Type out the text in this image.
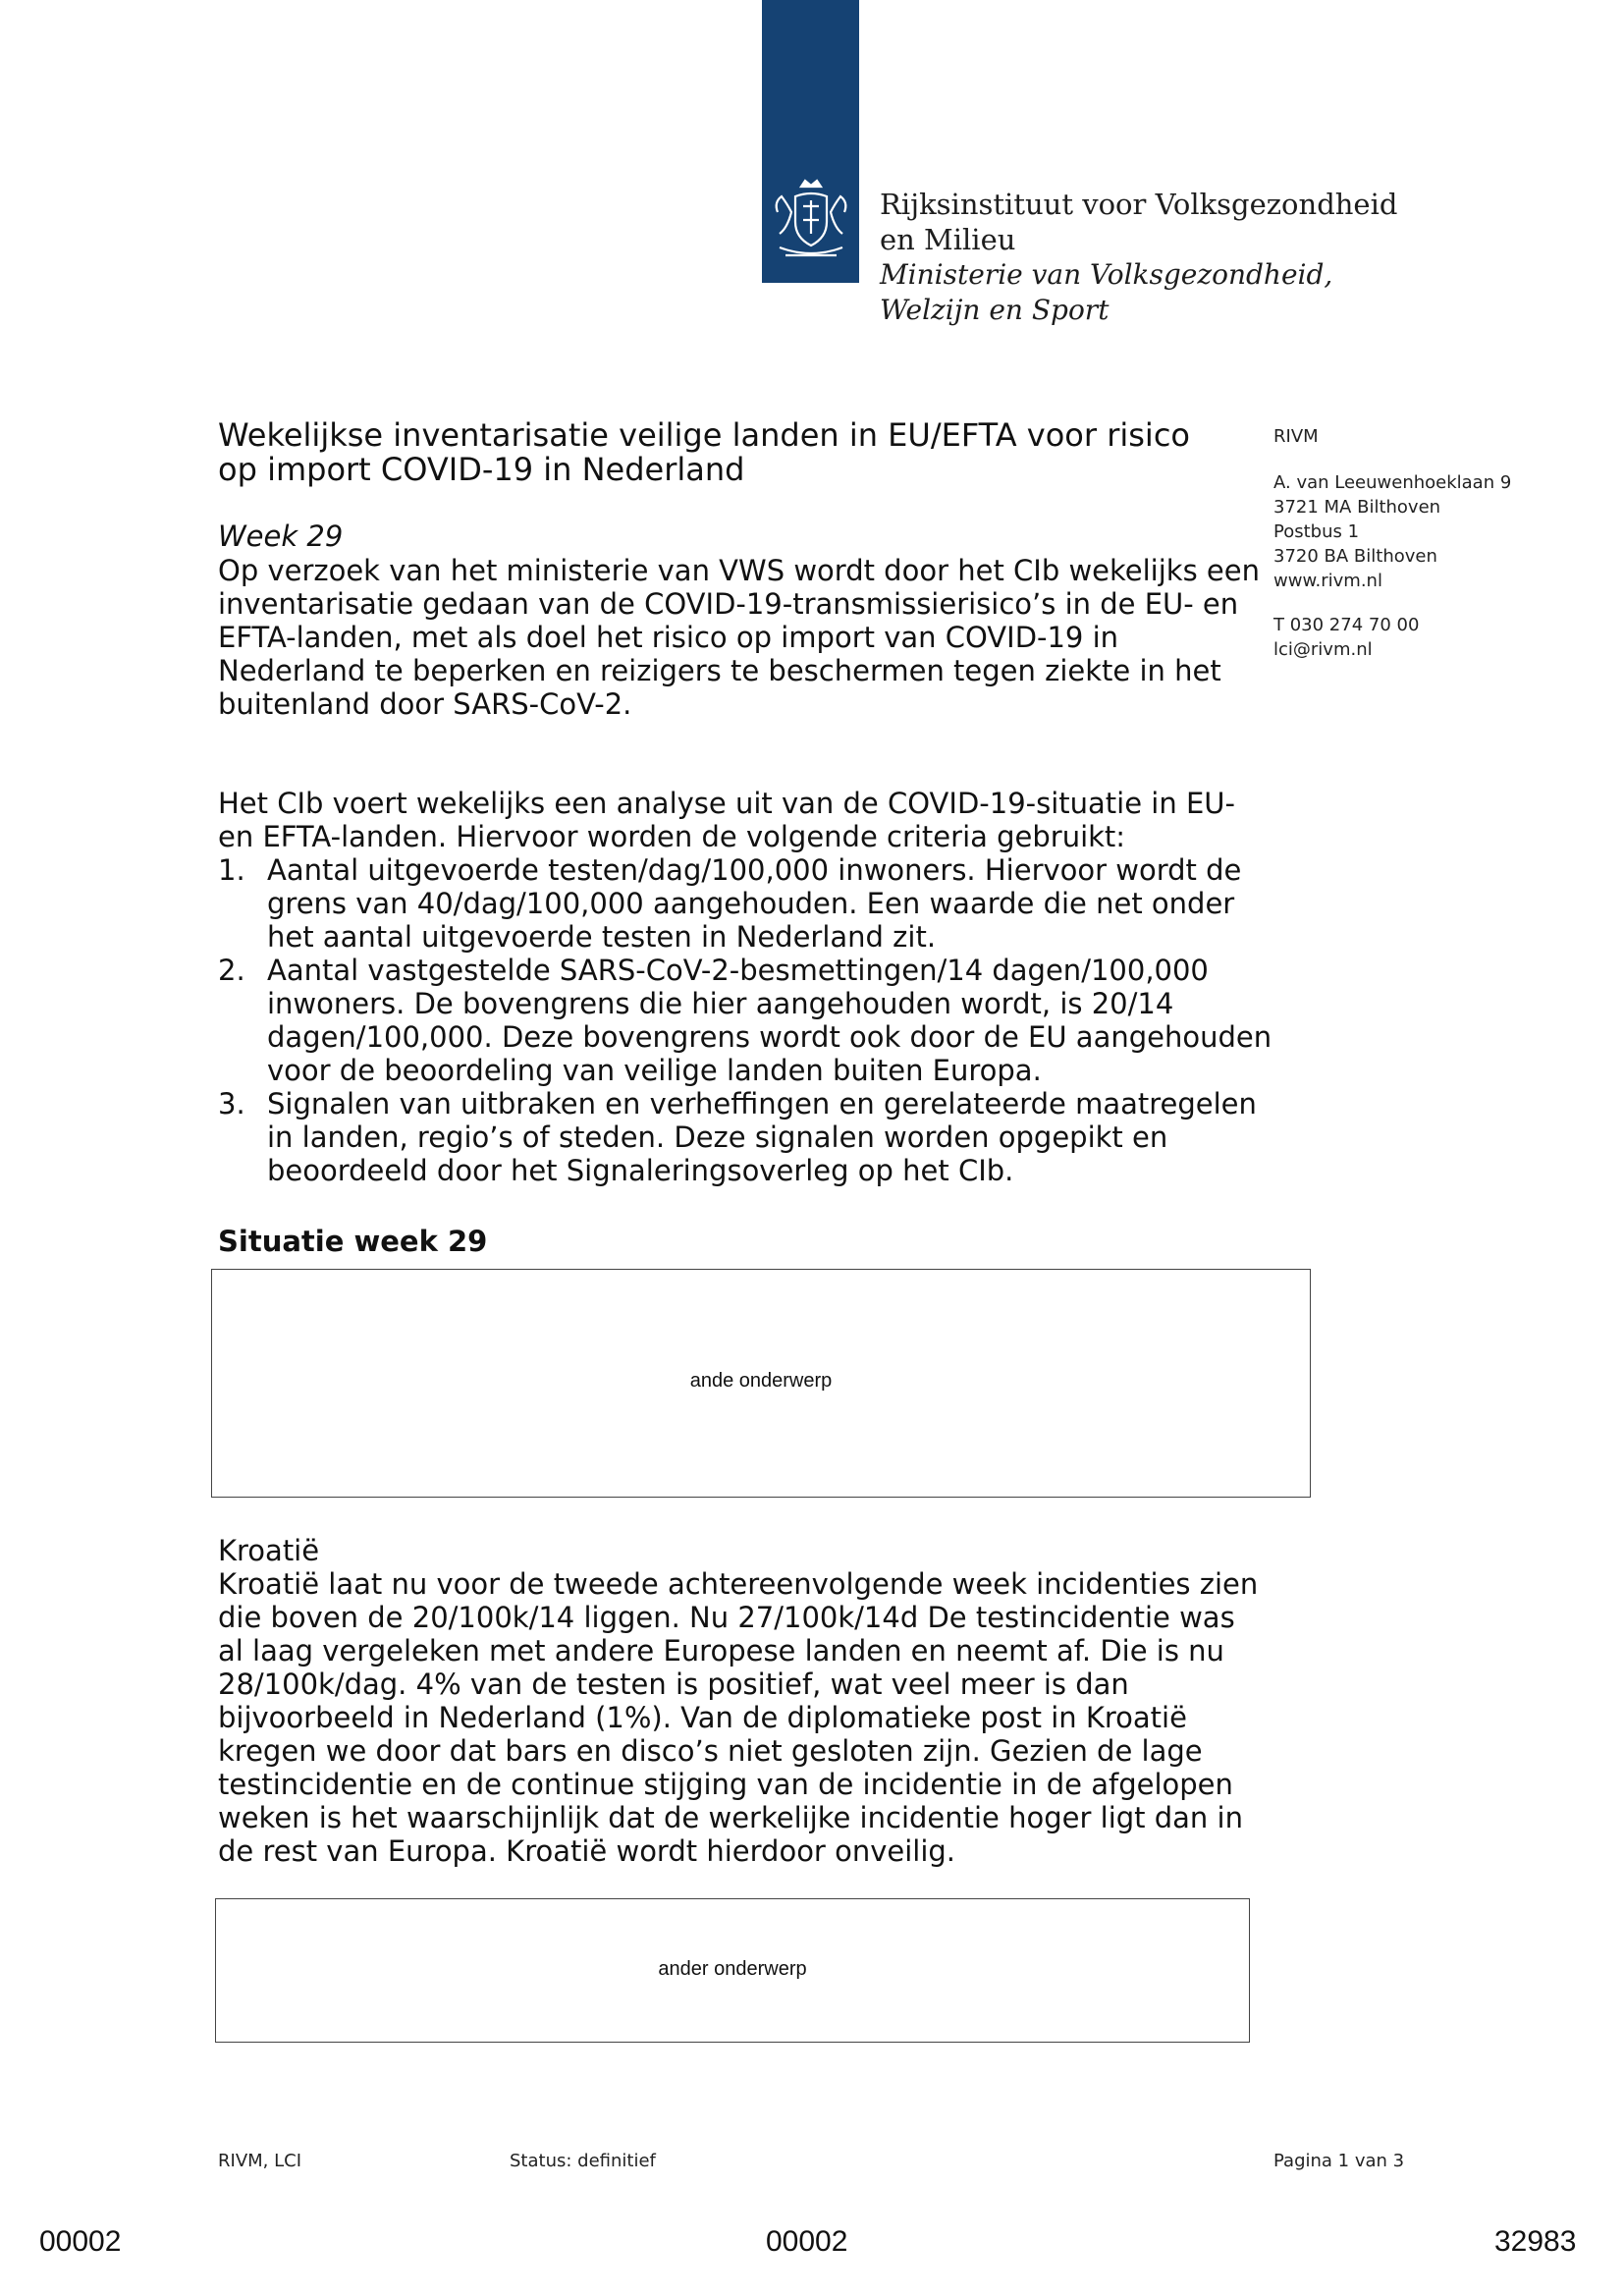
Rijksinstituut voor Volksgezondheid
en Milieu
Ministerie van Volksgezondheid,
Welzijn en Sport
Wekelijkse inventarisatie veilige landen in EU/EFTA voor risico
op import COVID-19 in Nederland
Week 29
Op verzoek van het ministerie van VWS wordt door het CIb wekelijks een inventarisatie gedaan van de COVID-19-transmissierisico’s in de EU- en EFTA-landen, met als doel het risico op import van COVID-19 in Nederland te beperken en reizigers te beschermen tegen ziekte in het buitenland door SARS-CoV-2.
RIVM
A. van Leeuwenhoeklaan 9
3721 MA Bilthoven
Postbus 1
3720 BA Bilthoven
www.rivm.nl
T 030 274 70 00
lci@rivm.nl
Het CIb voert wekelijks een analyse uit van de COVID-19-situatie in EU- en EFTA-landen. Hiervoor worden de volgende criteria gebruikt:
1. Aantal uitgevoerde testen/dag/100,000 inwoners. Hiervoor wordt de grens van 40/dag/100,000 aangehouden. Een waarde die net onder het aantal uitgevoerde testen in Nederland zit.
2. Aantal vastgestelde SARS-CoV-2-besmettingen/14 dagen/100,000 inwoners. De bovengrens die hier aangehouden wordt, is 20/14 dagen/100,000. Deze bovengrens wordt ook door de EU aangehouden voor de beoordeling van veilige landen buiten Europa.
3. Signalen van uitbraken en verheffingen en gerelateerde maatregelen in landen, regio’s of steden. Deze signalen worden opgepikt en beoordeeld door het Signaleringsoverleg op het CIb.
Situatie week 29
ande onderwerp
Kroatië
Kroatië laat nu voor de tweede achtereenvolgende week incidenties zien die boven de 20/100k/14 liggen. Nu 27/100k/14d De testincidentie was al laag vergeleken met andere Europese landen en neemt af. Die is nu 28/100k/dag. 4% van de testen is positief, wat veel meer is dan bijvoorbeeld in Nederland (1%). Van de diplomatieke post in Kroatië kregen we door dat bars en disco’s niet gesloten zijn. Gezien de lage testincidentie en de continue stijging van de incidentie in de afgelopen weken is het waarschijnlijk dat de werkelijke incidentie hoger ligt dan in de rest van Europa. Kroatië wordt hierdoor onveilig.
ander onderwerp
RIVM, LCI	Status: definitief	Pagina 1 van 3
00002	00002	32983
